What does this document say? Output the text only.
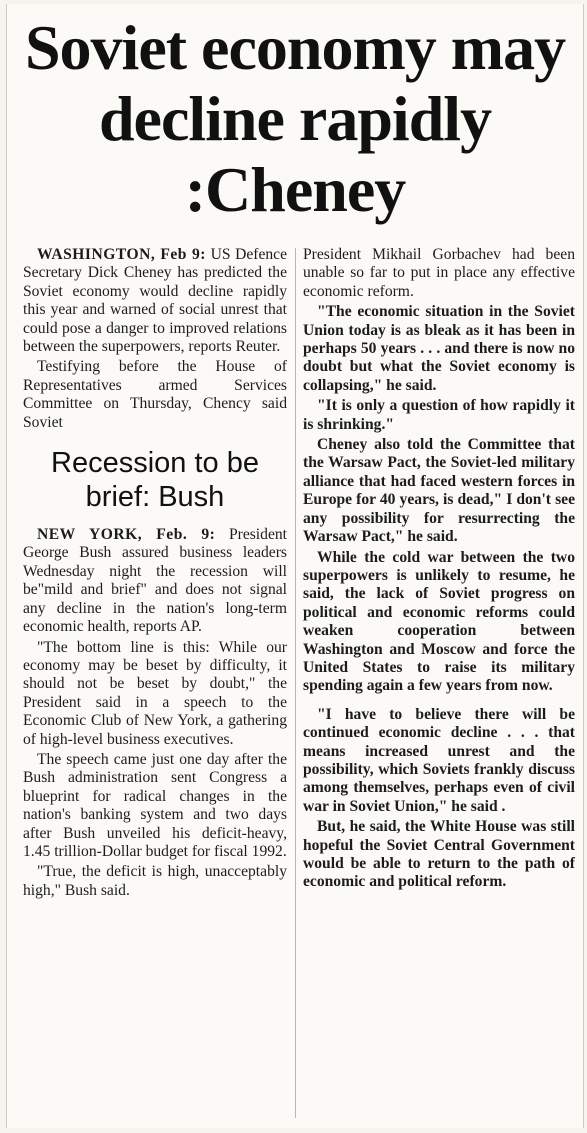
Soviet economy may decline rapidly :Cheney

WASHINGTON, Feb 9: US Defence Secretary Dick Cheney has predicted the Soviet economy would decline rapidly this year and warned of social unrest that could pose a danger to improved relations between the superpowers, reports Reuter.

Testifying before the House of Representatives armed Services Committee on Thursday, Chency said Soviet

Recession to be brief: Bush

NEW YORK, Feb. 9: President George Bush assured business leaders Wednesday night the recession will be"mild and brief" and does not signal any decline in the nation's long-term economic health, reports AP.

"The bottom line is this: While our economy may be beset by difficulty, it should not be beset by doubt," the President said in a speech to the Economic Club of New York, a gathering of high-level business executives.

The speech came just one day after the Bush administration sent Congress a blueprint for radical changes in the nation's banking system and two days after Bush unveiled his deficit-heavy, 1.45 trillion-Dollar budget for fiscal 1992.

"True, the deficit is high, unacceptably high," Bush said.

President Mikhail Gorbachev had been unable so far to put in place any effective economic reform.

"The economic situation in the Soviet Union today is as bleak as it has been in perhaps 50 years . . . and there is now no doubt but what the Soviet economy is collapsing," he said.

"It is only a question of how rapidly it is shrinking."

Cheney also told the Committee that the Warsaw Pact, the Soviet-led military alliance that had faced western forces in Europe for 40 years, is dead," I don't see any possibility for resurrecting the Warsaw Pact," he said.

While the cold war between the two superpowers is unlikely to resume, he said, the lack of Soviet progress on political and economic reforms could weaken cooperation between Washington and Moscow and force the United States to raise its military spending again a few years from now.

"I have to believe there will be continued economic decline . . . that means increased unrest and the possibility, which Soviets frankly discuss among themselves, perhaps even of civil war in Soviet Union," he said .

But, he said, the White House was still hopeful the Soviet Central Government would be able to return to the path of economic and political reform.
